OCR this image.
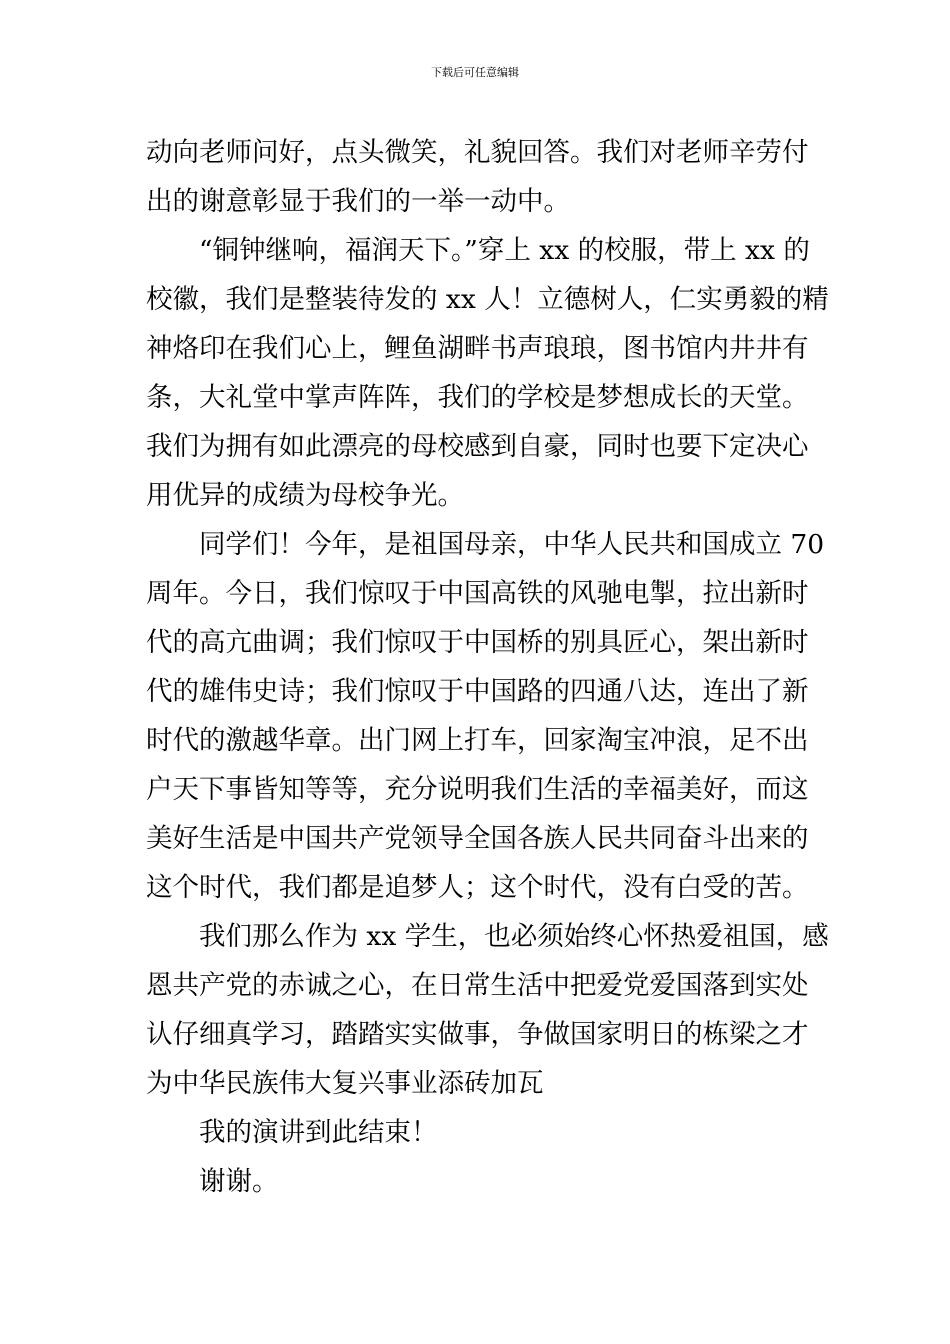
下载后可任意编辑
动向老师问好，点头微笑，礼貌回答。我们对老师辛劳付
出的谢意彰显于我们的一举一动中。
“铜钟继响，福润天下。”穿上 xx 的校服，带上 xx 的
校徽，我们是整装待发的 xx 人！立德树人，仁实勇毅的精
神烙印在我们心上，鲤鱼湖畔书声琅琅，图书馆内井井有
条，大礼堂中掌声阵阵，我们的学校是梦想成长的天堂。
我们为拥有如此漂亮的母校感到自豪，同时也要下定决心
用优异的成绩为母校争光。
同学们！今年，是祖国母亲，中华人民共和国成立 70
周年。今日，我们惊叹于中国高铁的风驰电掣，拉出新时
代的高亢曲调；我们惊叹于中国桥的别具匠心，架出新时
代的雄伟史诗；我们惊叹于中国路的四通八达，连出了新
时代的激越华章。出门网上打车，回家淘宝冲浪，足不出
户天下事皆知等等，充分说明我们生活的幸福美好，而这
美好生活是中国共产党领导全国各族人民共同奋斗出来的
这个时代，我们都是追梦人；这个时代，没有白受的苦。
我们那么作为 xx 学生，也必须始终心怀热爱祖国，感
恩共产党的赤诚之心，在日常生活中把爱党爱国落到实处
认仔细真学习，踏踏实实做事，争做国家明日的栋梁之才
为中华民族伟大复兴事业添砖加瓦
我的演讲到此结束！
谢谢。
